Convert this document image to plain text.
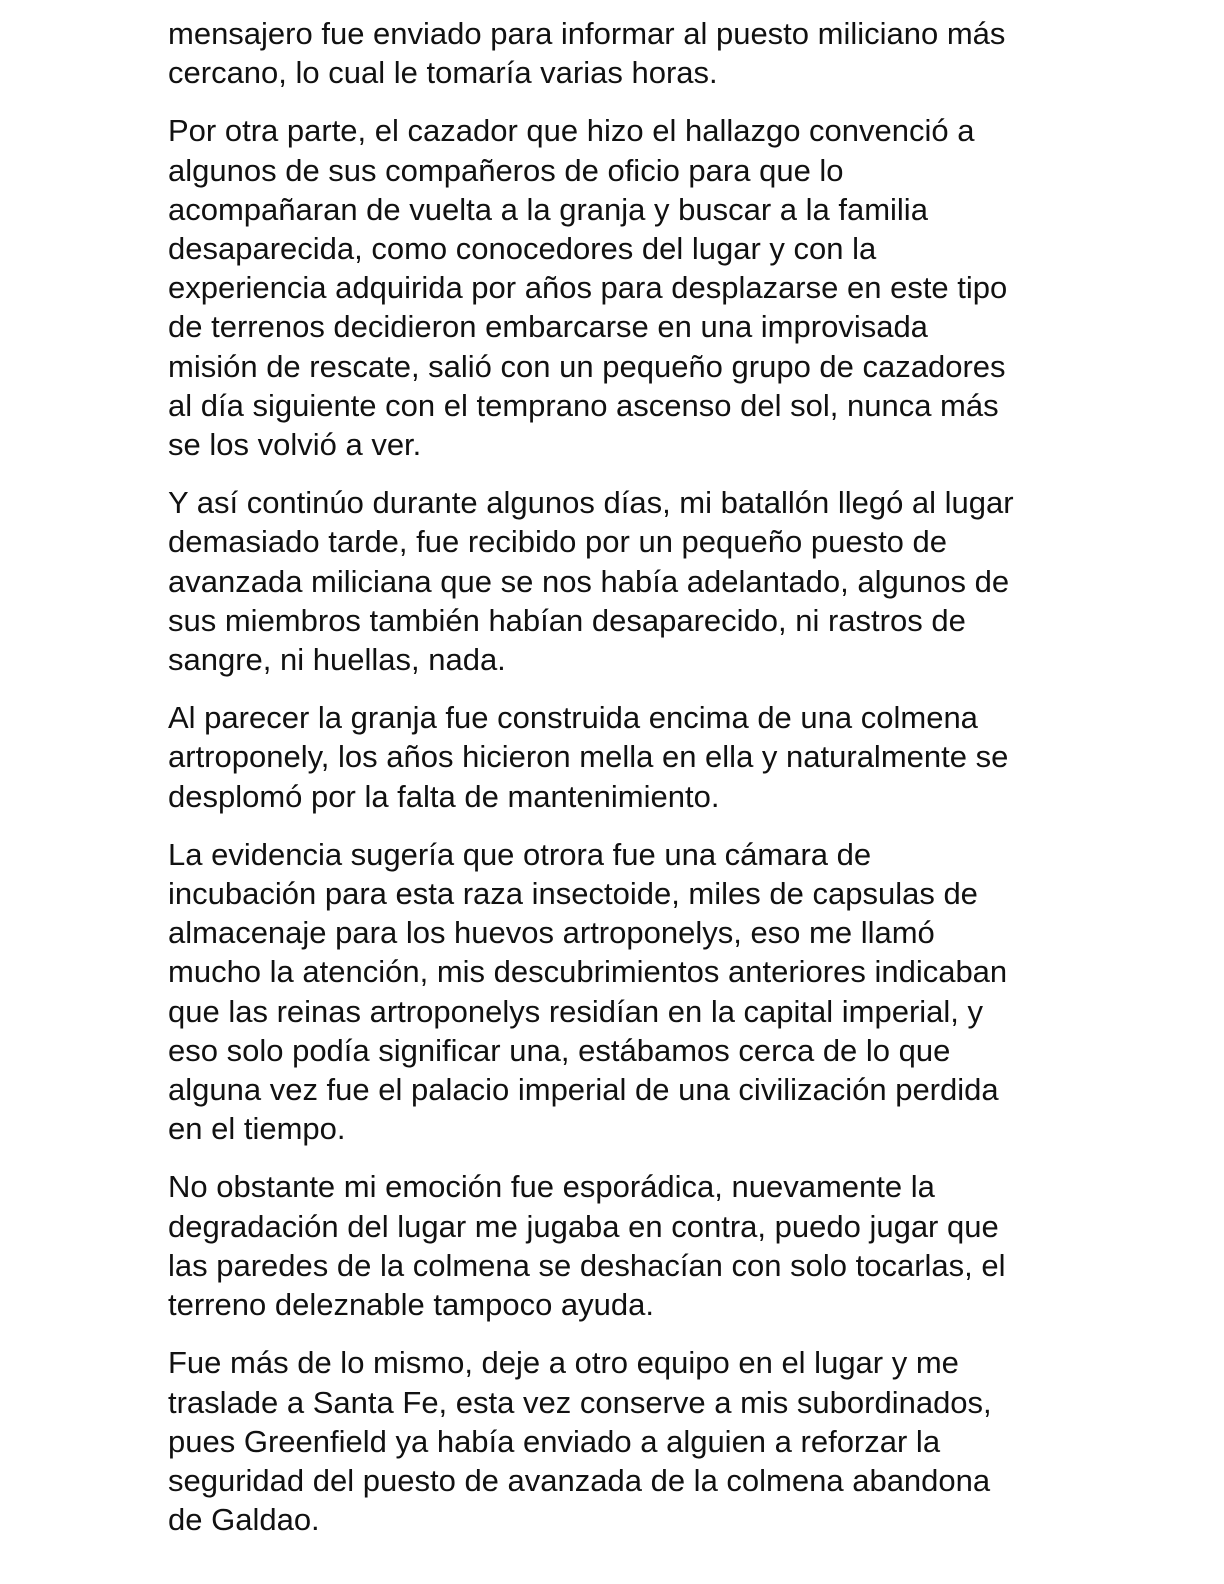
mensajero fue enviado para informar al puesto miliciano más
cercano, lo cual le tomaría varias horas.

Por otra parte, el cazador que hizo el hallazgo convenció a
algunos de sus compañeros de oficio para que lo
acompañaran de vuelta a la granja y buscar a la familia
desaparecida, como conocedores del lugar y con la
experiencia adquirida por años para desplazarse en este tipo
de terrenos decidieron embarcarse en una improvisada
misión de rescate, salió con un pequeño grupo de cazadores
al día siguiente con el temprano ascenso del sol, nunca más
se los volvió a ver.

Y así continúo durante algunos días, mi batallón llegó al lugar
demasiado tarde, fue recibido por un pequeño puesto de
avanzada miliciana que se nos había adelantado, algunos de
sus miembros también habían desaparecido, ni rastros de
sangre, ni huellas, nada.

Al parecer la granja fue construida encima de una colmena
artroponely, los años hicieron mella en ella y naturalmente se
desplomó por la falta de mantenimiento.

La evidencia sugería que otrora fue una cámara de
incubación para esta raza insectoide, miles de capsulas de
almacenaje para los huevos artroponelys, eso me llamó
mucho la atención, mis descubrimientos anteriores indicaban
que las reinas artroponelys residían en la capital imperial, y
eso solo podía significar una, estábamos cerca de lo que
alguna vez fue el palacio imperial de una civilización perdida
en el tiempo.

No obstante mi emoción fue esporádica, nuevamente la
degradación del lugar me jugaba en contra, puedo jugar que
las paredes de la colmena se deshacían con solo tocarlas, el
terreno deleznable tampoco ayuda.

Fue más de lo mismo, deje a otro equipo en el lugar y me
traslade a Santa Fe, esta vez conserve a mis subordinados,
pues Greenfield ya había enviado a alguien a reforzar la
seguridad del puesto de avanzada de la colmena abandona
de Galdao.
